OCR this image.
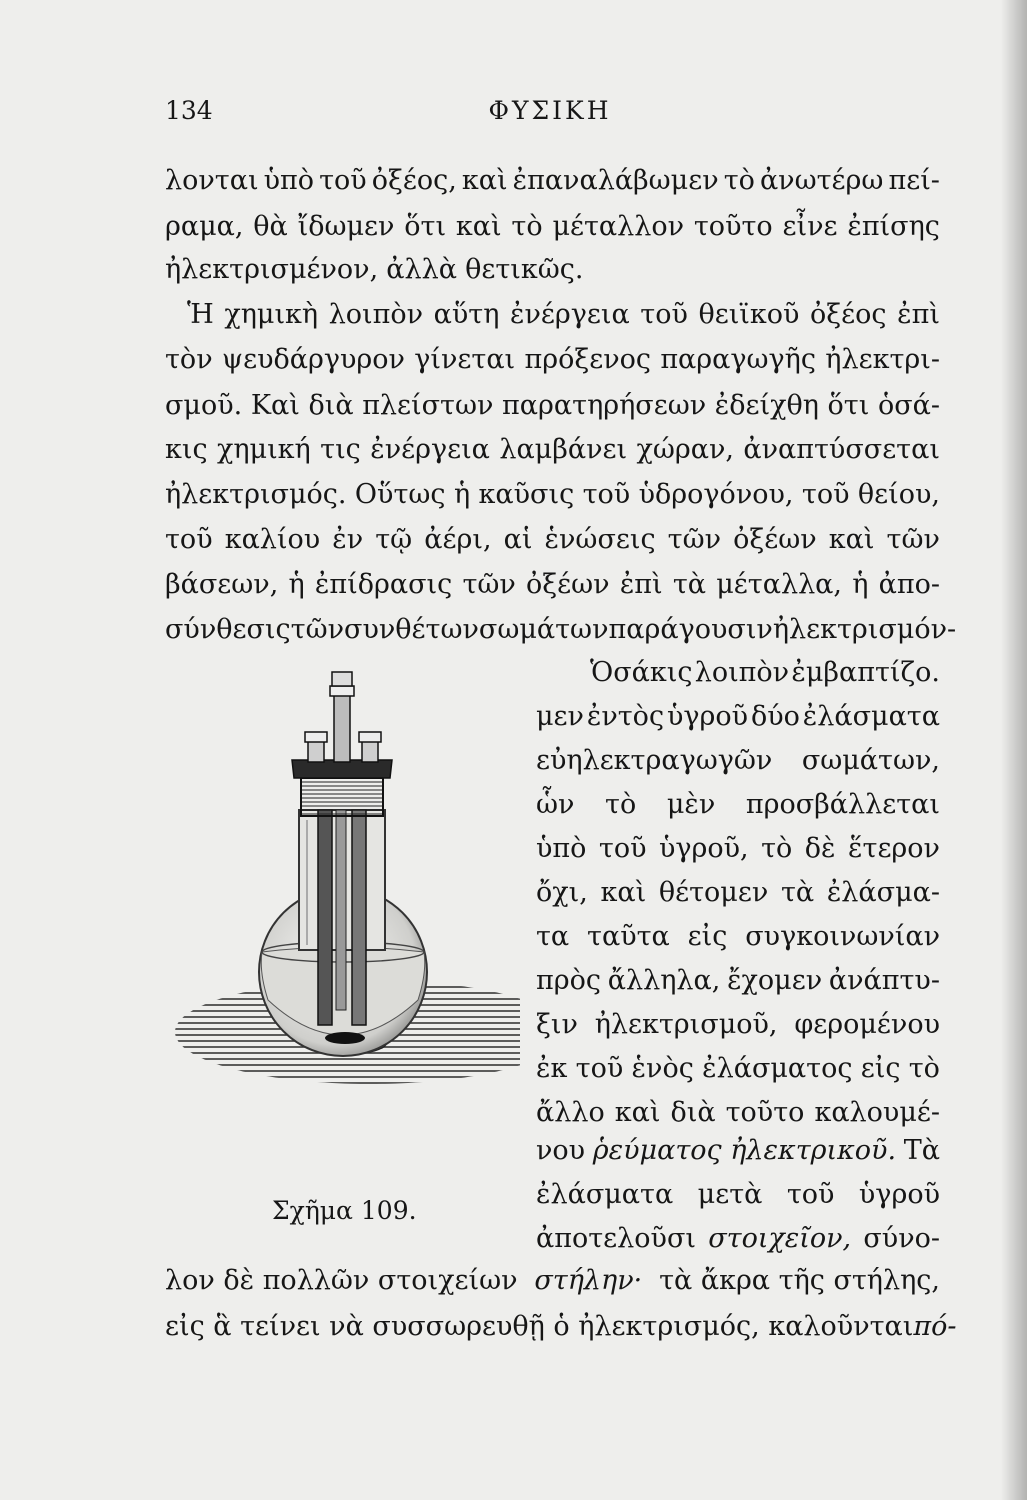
134	ΦΥΣΙΚΗ
λονται ὑπὸ τοῦ ὀξέος, καὶ ἐπαναλάβωμεν τὸ ἀνωτέρω πεί-
ραμα, θὰ ἴδωμεν ὅτι καὶ τὸ μέταλλον τοῦτο εἶνε ἐπίσης
ἠλεκτρισμένον, ἀλλὰ θετικῶς.
Ἡ χημικὴ λοιπὸν αὕτη ἐνέργεια τοῦ θειϊκοῦ ὀξέος ἐπὶ
τὸν ψευδάργυρον γίνεται πρόξενος παραγωγῆς ἠλεκτρι-
σμοῦ. Καὶ διὰ πλείστων παρατηρήσεων ἐδείχθη ὅτι ὁσά-
κις χημική τις ἐνέργεια λαμβάνει χώραν, ἀναπτύσσεται
ἠλεκτρισμός. Οὕτως ἡ καῦσις τοῦ ὑδρογόνου, τοῦ θείου,
τοῦ καλίου ἐν τῷ ἀέρι, αἱ ἑνώσεις τῶν ὀξέων καὶ τῶν
βάσεων, ἡ ἐπίδρασις τῶν ὀξέων ἐπὶ τὰ μέταλλα, ἡ ἀπο-
σύνθεσις τῶν συνθέτων σωμάτων παράγουσιν ἠλεκτρισμόν-
Ὁσάκις λοιπὸν ἐμβαπτίζο.
μεν ἐντὸς ὑγροῦ δύο ἐλάσματα
εὐηλεκτραγωγῶν σωμάτων,
ὧν τὸ μὲν προσβάλλεται
ὑπὸ τοῦ ὑγροῦ, τὸ δὲ ἕτερον
ὄχι, καὶ θέτομεν τὰ ἐλάσμα-
τα ταῦτα εἰς συγκοινωνίαν
πρὸς ἄλληλα, ἔχομεν ἀνάπτυ-
ξιν ἠλεκτρισμοῦ, φερομένου
ἐκ τοῦ ἑνὸς ἐλάσματος εἰς τὸ
ἄλλο καὶ διὰ τοῦτο καλουμέ-
νου ῥεύματος ἠλεκτρικοῦ. Τὰ
ἐλάσματα μετὰ τοῦ ὑγροῦ
ἀποτελοῦσι στοιχεῖον, σύνο-
λον δὲ πολλῶν στοιχείων στήλην· τὰ ἄκρα τῆς στήλης,
εἰς ἃ τείνει νὰ συσσωρευθῇ ὁ ἠλεκτρισμός, καλοῦνται πό-
Σχῆμα 109.
